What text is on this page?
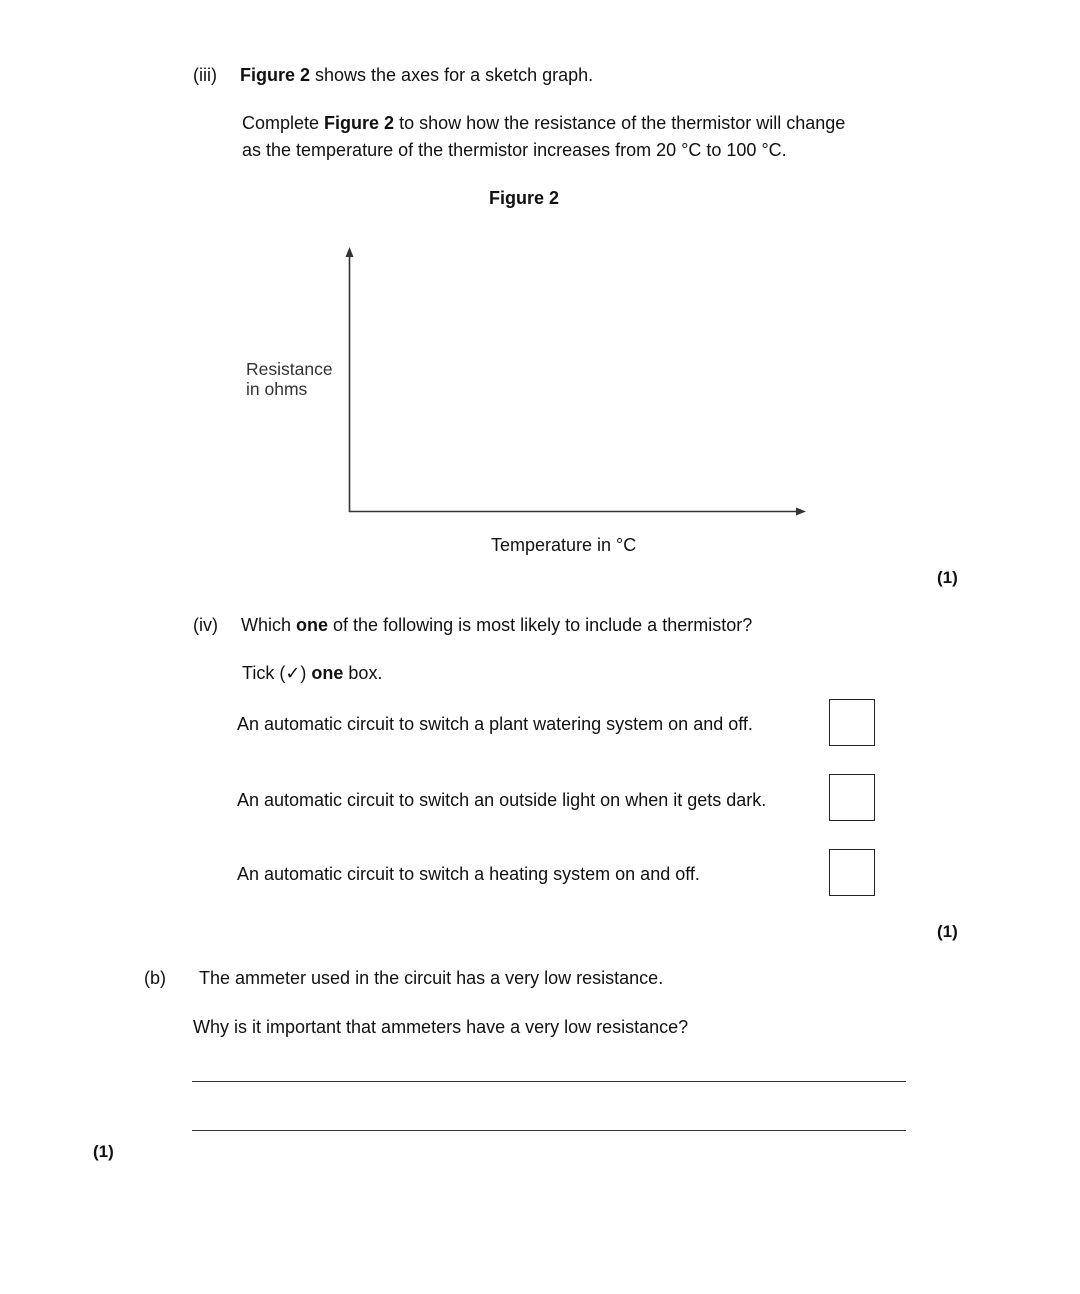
(iii) Figure 2 shows the axes for a sketch graph.
Complete Figure 2 to show how the resistance of the thermistor will change
as the temperature of the thermistor increases from 20 °C to 100 °C.
Figure 2
Resistance
in ohms
Temperature in °C
(1)
(iv) Which one of the following is most likely to include a thermistor?
Tick (✓) one box.
An automatic circuit to switch a plant watering system on and off.
An automatic circuit to switch an outside light on when it gets dark.
An automatic circuit to switch a heating system on and off.
(1)
(b) The ammeter used in the circuit has a very low resistance.
Why is it important that ammeters have a very low resistance?
(1)
